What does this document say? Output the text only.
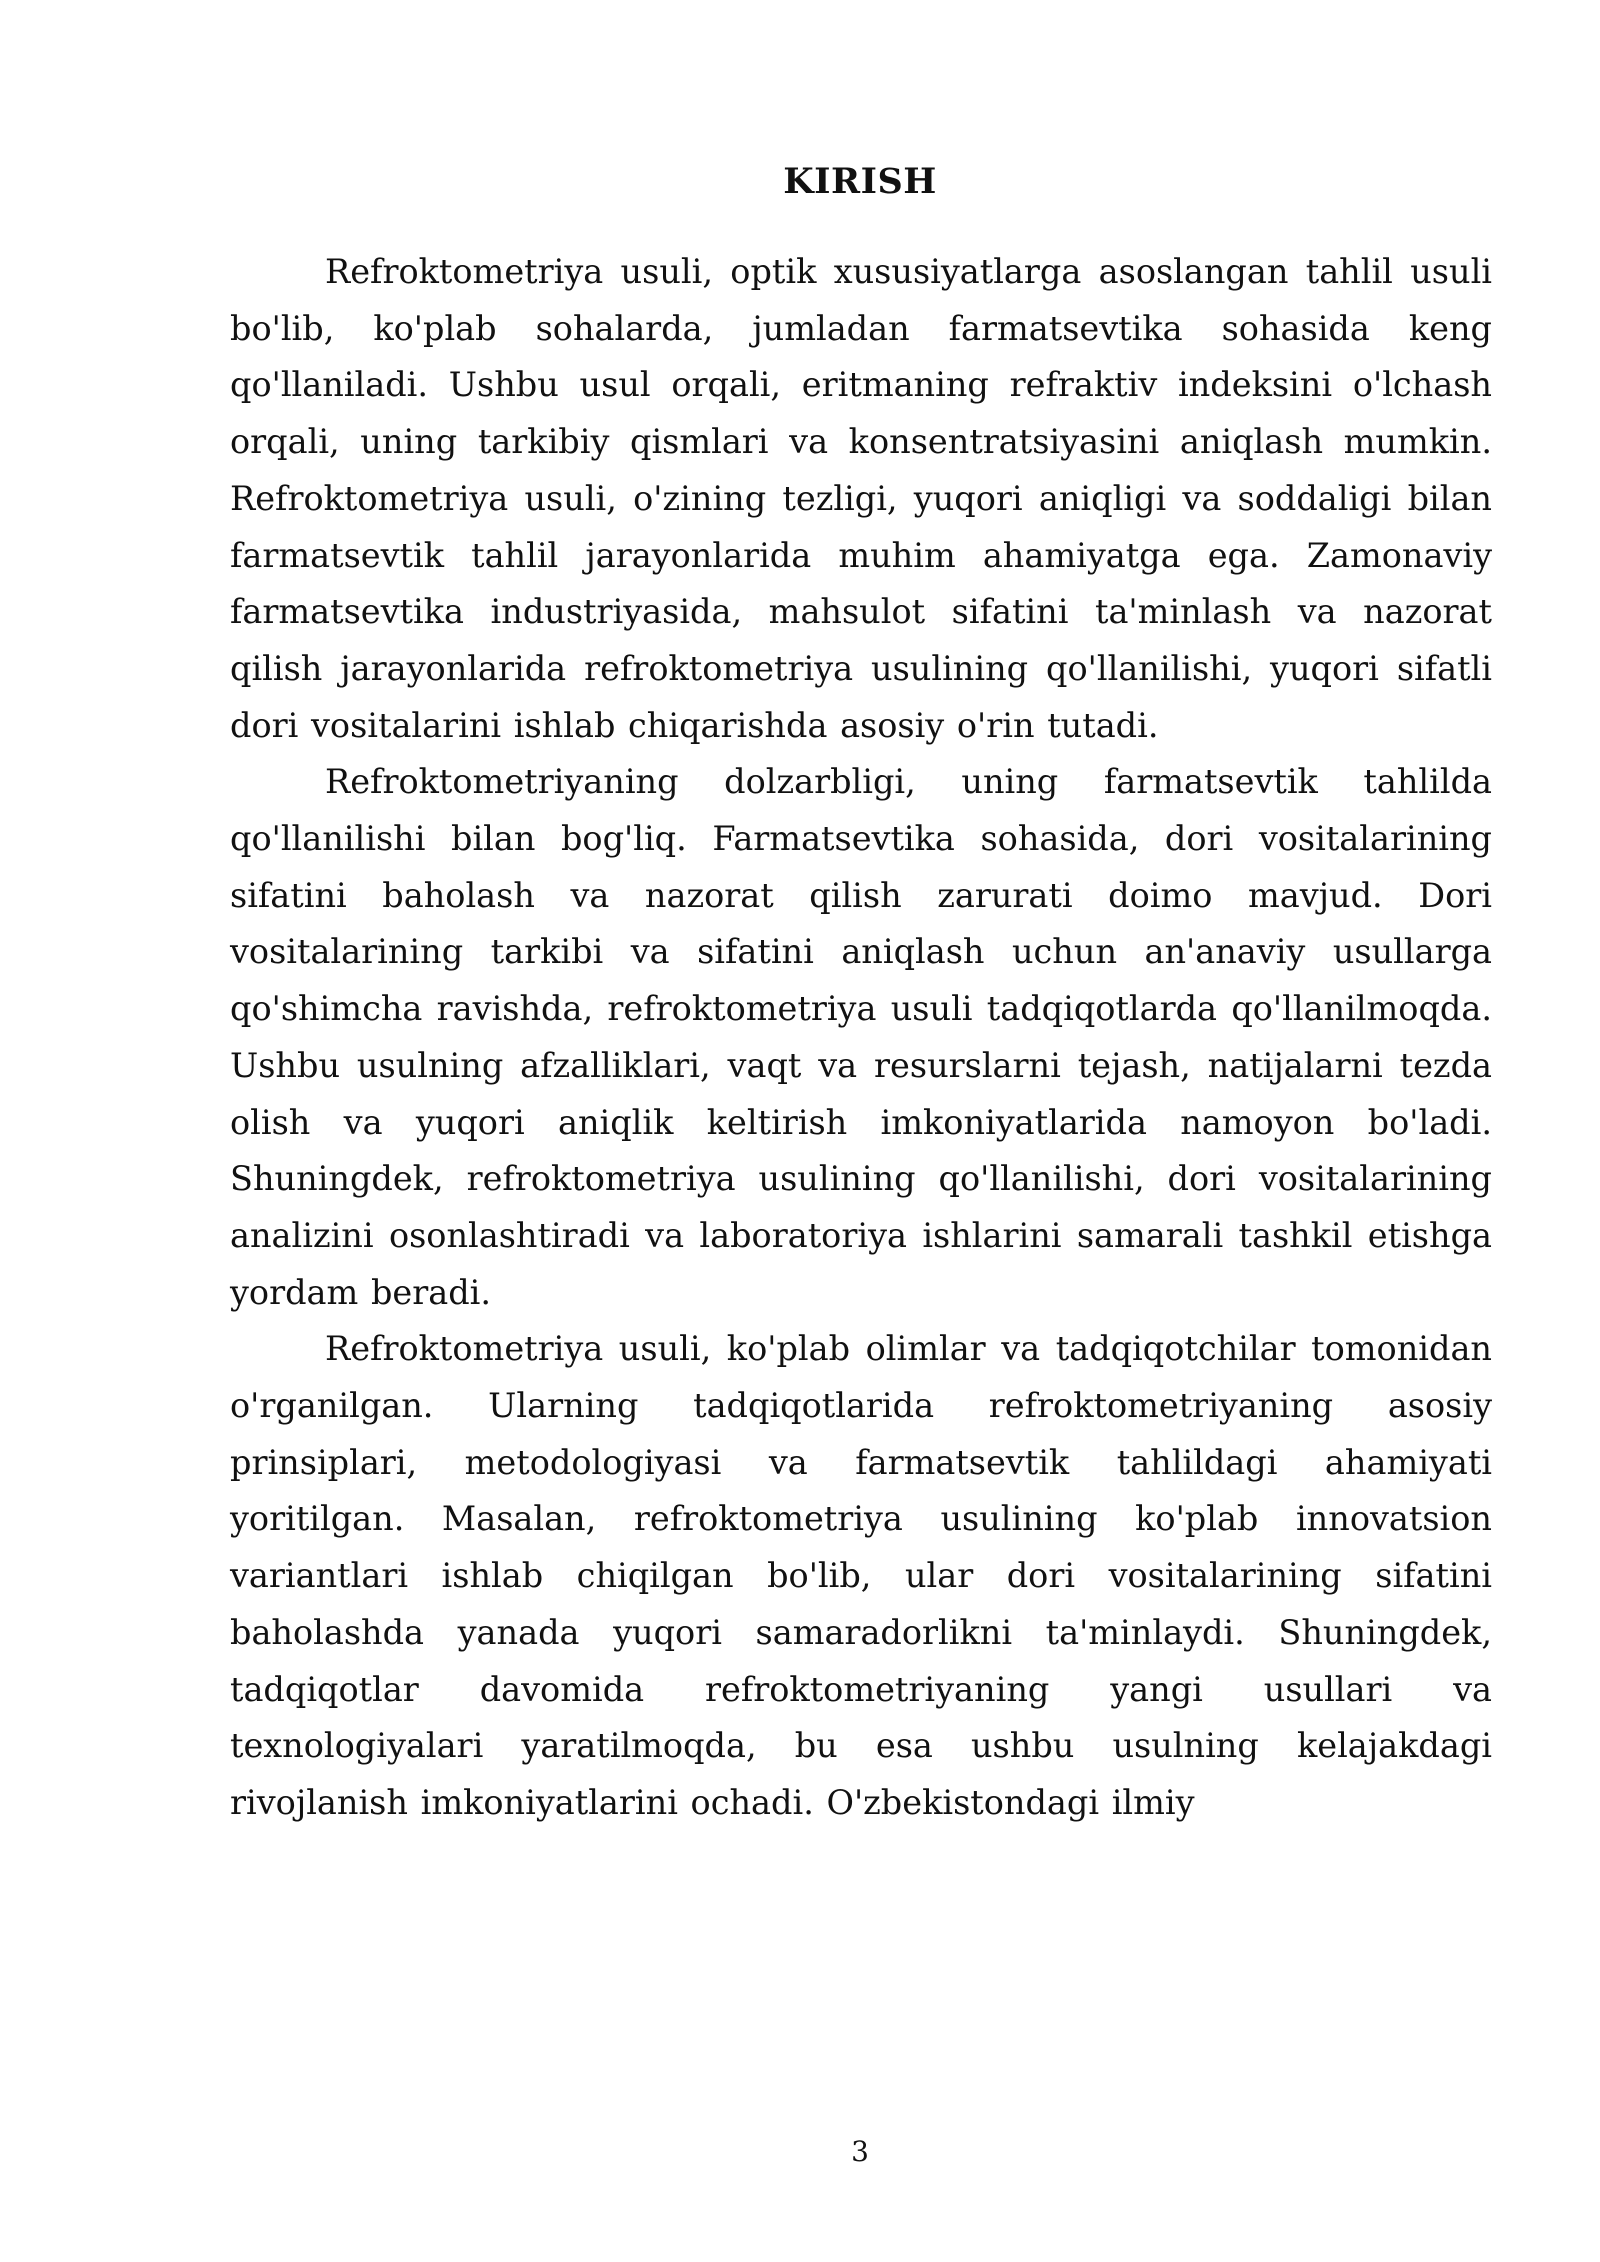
KIRISH

Refroktometriya usuli, optik xususiyatlarga asoslangan tahlil usuli bo'lib, ko'plab sohalarda, jumladan farmatsevtika sohasida keng qo'llaniladi. Ushbu usul orqali, eritmaning refraktiv indeksini o'lchash orqali, uning tarkibiy qismlari va konsentratsiyasini aniqlash mumkin. Refroktometriya usuli, o'zining tezligi, yuqori aniqligi va soddaligi bilan farmatsevtik tahlil jarayonlarida muhim ahamiyatga ega. Zamonaviy farmatsevtika industriyasida, mahsulot sifatini ta'minlash va nazorat qilish jarayonlarida refroktometriya usulining qo'llanilishi, yuqori sifatli dori vositalarini ishlab chiqarishda asosiy o'rin tutadi.

Refroktometriyaning dolzarbligi, uning farmatsevtik tahlilda qo'llanilishi bilan bog'liq. Farmatsevtika sohasida, dori vositalarining sifatini baholash va nazorat qilish zarurati doimo mavjud. Dori vositalarining tarkibi va sifatini aniqlash uchun an'anaviy usullarga qo'shimcha ravishda, refroktometriya usuli tadqiqotlarda qo'llanilmoqda. Ushbu usulning afzalliklari, vaqt va resurslarni tejash, natijalarni tezda olish va yuqori aniqlik keltirish imkoniyatlarida namoyon bo'ladi. Shuningdek, refroktometriya usulining qo'llanilishi, dori vositalarining analizini osonlashtiradi va laboratoriya ishlarini samarali tashkil etishga yordam beradi.

Refroktometriya usuli, ko'plab olimlar va tadqiqotchilar tomonidan o'rganilgan. Ularning tadqiqotlarida refroktometriyaning asosiy prinsiplari, metodologiyasi va farmatsevtik tahlildagi ahamiyati yoritilgan. Masalan, refroktometriya usulining ko'plab innovatsion variantlari ishlab chiqilgan bo'lib, ular dori vositalarining sifatini baholashda yanada yuqori samaradorlikni ta'minlaydi. Shuningdek, tadqiqotlar davomida refroktometriyaning yangi usullari va texnologiyalari yaratilmoqda, bu esa ushbu usulning kelajakdagi rivojlanish imkoniyatlarini ochadi. O'zbekistondagi ilmiy

3
